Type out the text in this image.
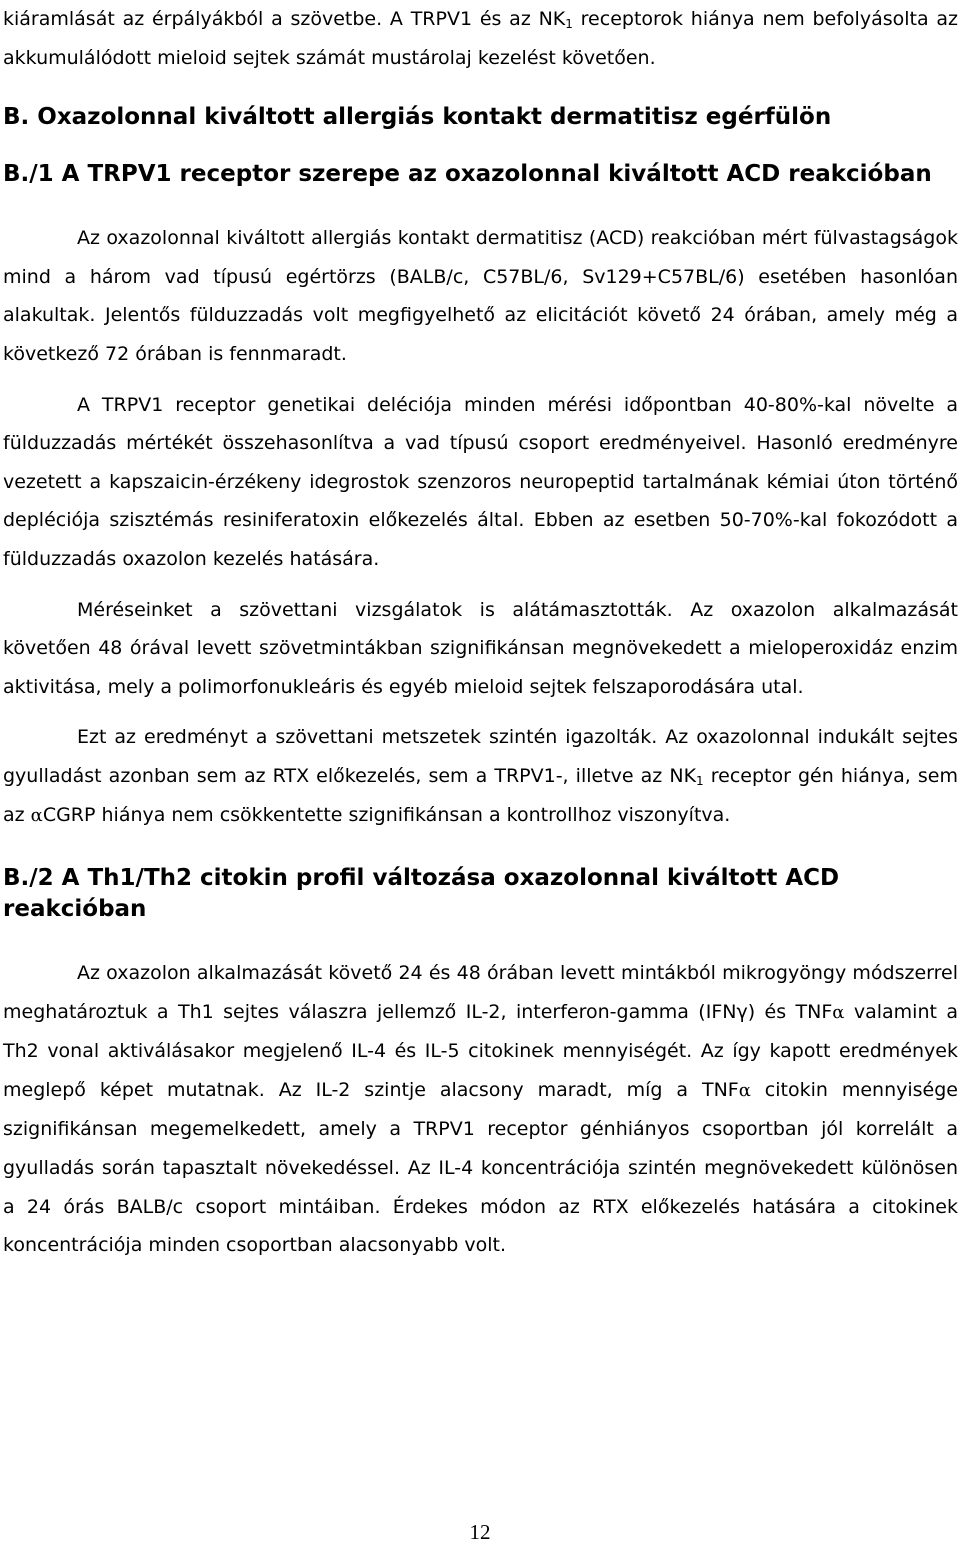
kiáramlását az érpályákból a szövetbe. A TRPV1 és az $NK_1$ receptorok hiánya nem befolyásolta az akkumulálódott mieloid sejtek számát mustárolaj kezelést követően.

B. Oxazolonnal kiváltott allergiás kontakt dermatitisz egérfülön
B./1 A TRPV1 receptor szerepe az oxazolonnal kiváltott ACD reakcióban

Az oxazolonnal kiváltott allergiás kontakt dermatitisz (ACD) reakcióban mért fülvastagságok mind a három vad típusú egértörzs (BALB/c, C57BL/6, Sv129+C57BL/6) esetében hasonlóan alakultak. Jelentős fülduzzadás volt megfigyelhető az elicitációt követő 24 órában, amely még a következő 72 órában is fennmaradt.

A TRPV1 receptor genetikai deléciója minden mérési időpontban 40-80%-kal növelte a fülduzzadás mértékét összehasonlítva a vad típusú csoport eredményeivel. Hasonló eredményre vezetett a kapszaicin-érzékeny idegrostok szenzoros neuropeptid tartalmának kémiai úton történő depléciója szisztémás resiniferatoxin előkezelés által. Ebben az esetben 50-70%-kal fokozódott a fülduzzadás oxazolon kezelés hatására.

Méréseinket a szövettani vizsgálatok is alátámasztották. Az oxazolon alkalmazását követően 48 órával levett szövetmintákban szignifikánsan megnövekedett a mieloperoxidáz enzim aktivitása, mely a polimorfonukleáris és egyéb mieloid sejtek felszaporodására utal.

Ezt az eredményt a szövettani metszetek szintén igazolták. Az oxazolonnal indukált sejtes gyulladást azonban sem az RTX előkezelés, sem a TRPV1-, illetve az $NK_1$ receptor gén hiánya, sem az αCGRP hiánya nem csökkentette szignifikánsan a kontrollhoz viszonyítva.

B./2 A Th1/Th2 citokin profil változása oxazolonnal kiváltott ACD reakcióban

Az oxazolon alkalmazását követő 24 és 48 órában levett mintákból mikrogyöngy módszerrel meghatároztuk a Th1 sejtes válaszra jellemző IL-2, interferon-gamma (IFNγ) és TNFα valamint a Th2 vonal aktiválásakor megjelenő IL-4 és IL-5 citokinek mennyiségét. Az így kapott eredmények meglepő képet mutatnak. Az IL-2 szintje alacsony maradt, míg a TNFα citokin mennyisége szignifikánsan megemelkedett, amely a TRPV1 receptor génhiányos csoportban jól korrelált a gyulladás során tapasztalt növekedéssel. Az IL-4 koncentrációja szintén megnövekedett különösen a 24 órás BALB/c csoport mintáiban. Érdekes módon az RTX előkezelés hatására a citokinek koncentrációja minden csoportban alacsonyabb volt.

12
